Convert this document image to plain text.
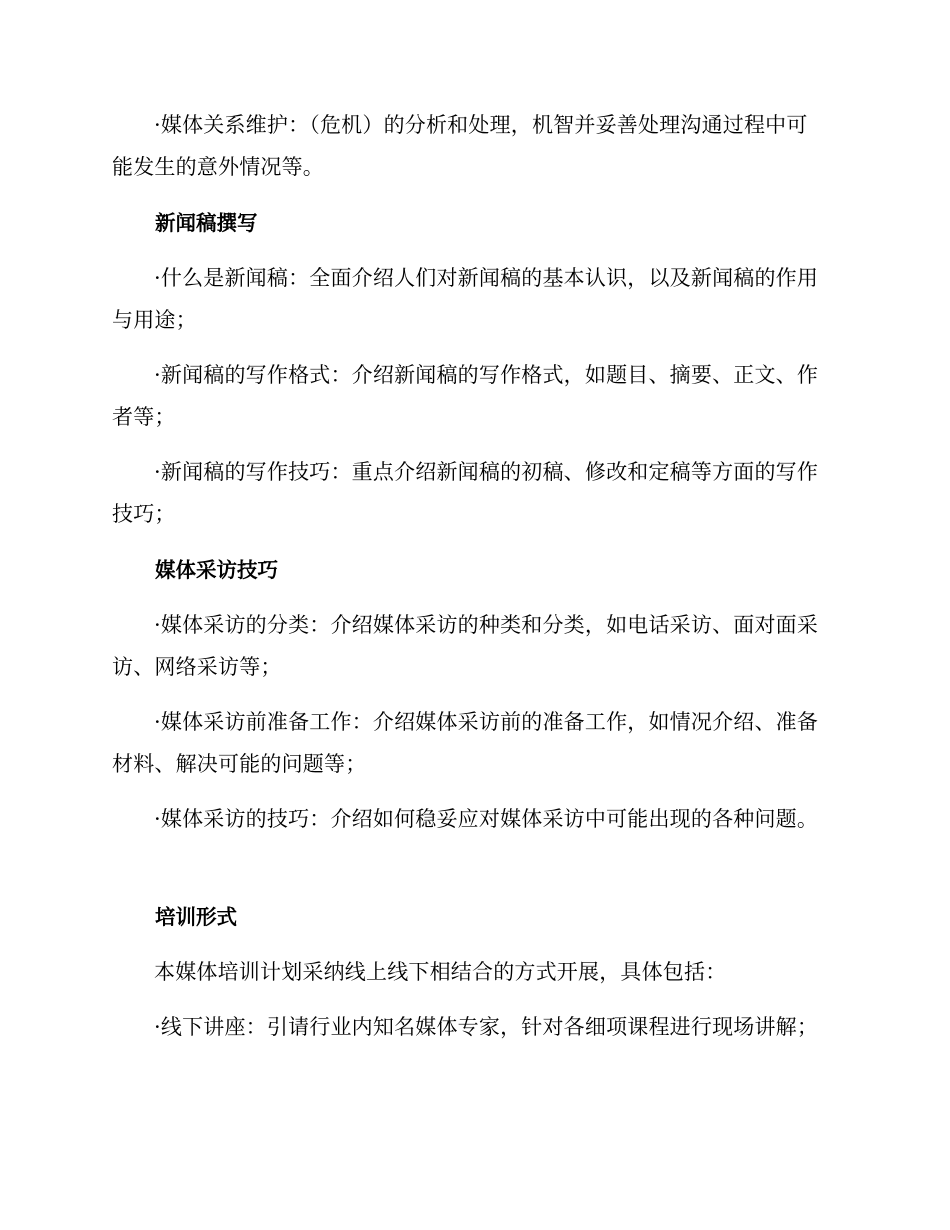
·媒体关系维护：（危机）的分析和处理，机智并妥善处理沟通过程中可能发生的意外情况等。

新闻稿撰写

·什么是新闻稿：全面介绍人们对新闻稿的基本认识，以及新闻稿的作用与用途；

·新闻稿的写作格式：介绍新闻稿的写作格式，如题目、摘要、正文、作者等；

·新闻稿的写作技巧：重点介绍新闻稿的初稿、修改和定稿等方面的写作技巧；

媒体采访技巧

·媒体采访的分类：介绍媒体采访的种类和分类，如电话采访、面对面采访、网络采访等；

·媒体采访前准备工作：介绍媒体采访前的准备工作，如情况介绍、准备材料、解决可能的问题等；

·媒体采访的技巧：介绍如何稳妥应对媒体采访中可能出现的各种问题。

培训形式

本媒体培训计划采纳线上线下相结合的方式开展，具体包括：

·线下讲座：引请行业内知名媒体专家，针对各细项课程进行现场讲解；
